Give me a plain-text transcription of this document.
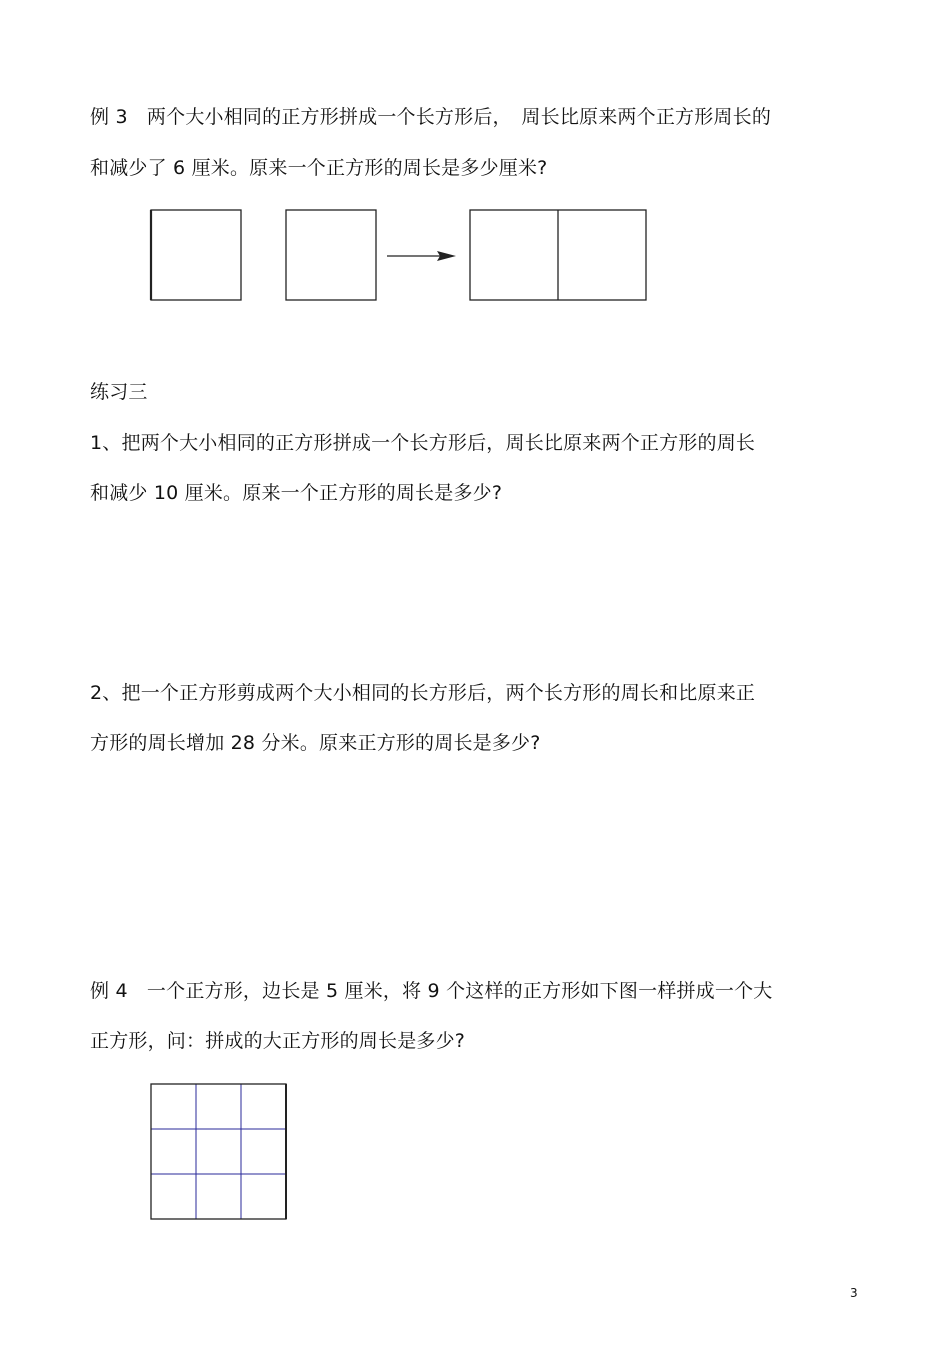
例 3　两个大小相同的正方形拼成一个长方形后，　周长比原来两个正方形周长的
和减少了 6 厘米。原来一个正方形的周长是多少厘米?
练习三
1、把两个大小相同的正方形拼成一个长方形后，周长比原来两个正方形的周长
和减少 10 厘米。原来一个正方形的周长是多少?
2、把一个正方形剪成两个大小相同的长方形后，两个长方形的周长和比原来正
方形的周长增加 28 分米。原来正方形的周长是多少?
例 4　一个正方形，边长是 5 厘米，将 9 个这样的正方形如下图一样拼成一个大
正方形，问：拼成的大正方形的周长是多少?
3
